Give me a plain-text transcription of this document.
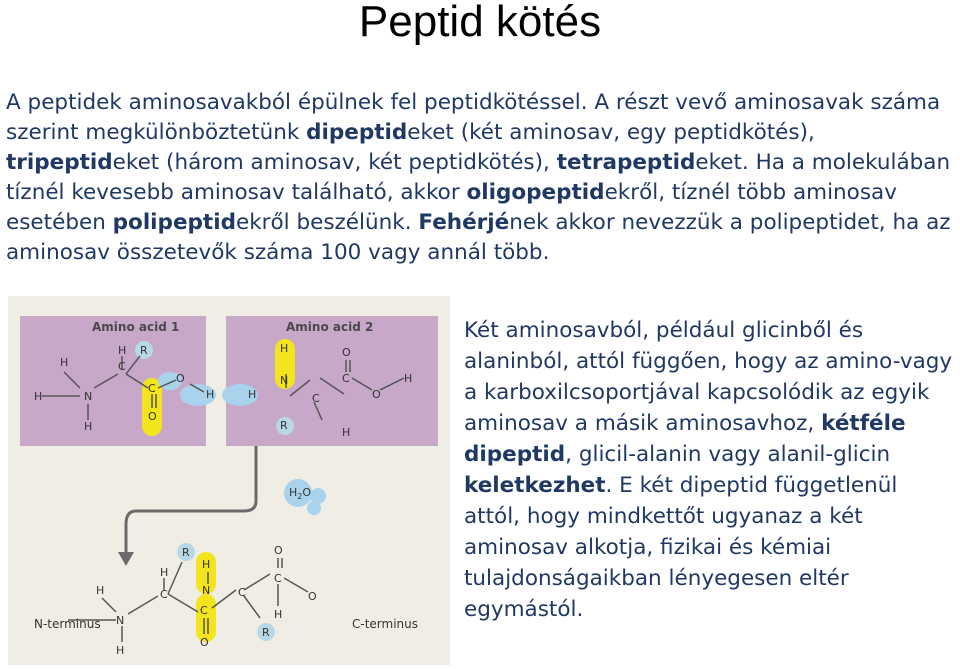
Peptid kötés

A peptidek aminosavakból épülnek fel peptidkötéssel. A részt vevő aminosavak száma szerint megkülönböztetünk dipeptideket (két aminosav, egy peptidkötés), tripeptideket (három aminosav, két peptidkötés), tetrapeptideket. Ha a molekulában tíznél kevesebb aminosav található, akkor oligopeptidekről, tíznél több aminosav esetében polipeptidekről beszélünk. Fehérjének akkor nevezzük a polipeptidet, ha az aminosav összetevők száma 100 vagy annál több.

Amino acid 1	Amino acid 2
$H_2O$
H
H	N
H
C
H R
C
O
O
H	H
H
N
R
C
O
C
H
O
H
H
N
H
H
C
R
C
O
H
N	C
R
O
C
H
O
N-terminus	C-terminus

Két aminosavból, például glicinből és alaninból, attól függően, hogy az amino-vagy a karboxilcsoportjával kapcsolódik az egyik aminosav a másik aminosavhoz, kétféle dipeptid, glicil-alanin vagy alanil-glicin keletkezhet. E két dipeptid függetlenül attól, hogy mindkettőt ugyanaz a két aminosav alkotja, fizikai és kémiai tulajdonságaikban lényegesen eltér egymástól.
